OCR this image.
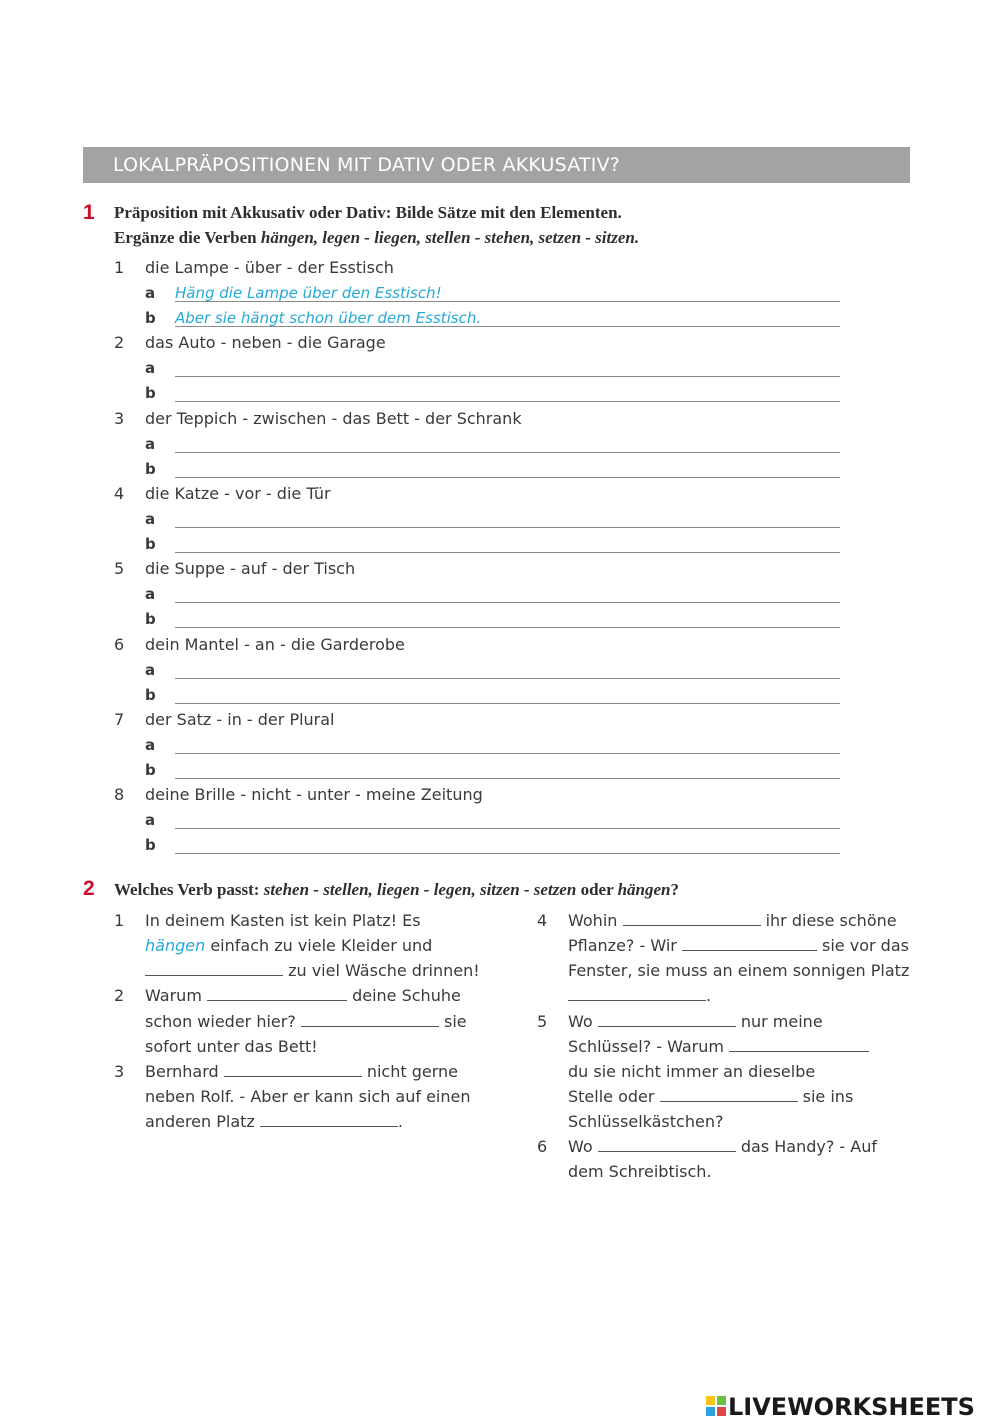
LOKALPRÄPOSITIONEN MIT DATIV ODER AKKUSATIV?
1 Präposition mit Akkusativ oder Dativ: Bilde Sätze mit den Elementen.
Ergänze die Verben hängen, legen - liegen, stellen - stehen, setzen - sitzen.
1 die Lampe - über - der Esstisch
a Häng die Lampe über den Esstisch!
b Aber sie hängt schon über dem Esstisch.
2 das Auto - neben - die Garage
a
b
3 der Teppich - zwischen - das Bett - der Schrank
a
b
4 die Katze - vor - die Tür
a
b
5 die Suppe - auf - der Tisch
a
b
6 dein Mantel - an - die Garderobe
a
b
7 der Satz - in - der Plural
a
b
8 deine Brille - nicht - unter - meine Zeitung
a
b
2 Welches Verb passt: stehen - stellen, liegen - legen, sitzen - setzen oder hängen?
1 In deinem Kasten ist kein Platz! Es
hängen einfach zu viele Kleider und
zu viel Wäsche drinnen!
2 Warum	deine Schuhe
schon wieder hier?	sie
sofort unter das Bett!
3 Bernhard	nicht gerne
neben Rolf. - Aber er kann sich auf einen
anderen Platz	.
4 Wohin	ihr diese schöne
Pflanze? - Wir	sie vor das
Fenster, sie muss an einem sonnigen Platz
.
5 Wo	nur meine
Schlüssel? - Warum
du sie nicht immer an dieselbe
Stelle oder	sie ins
Schlüsselkästchen?
6 Wo	das Handy? - Auf
dem Schreibtisch.
LIVEWORKSHEETS
